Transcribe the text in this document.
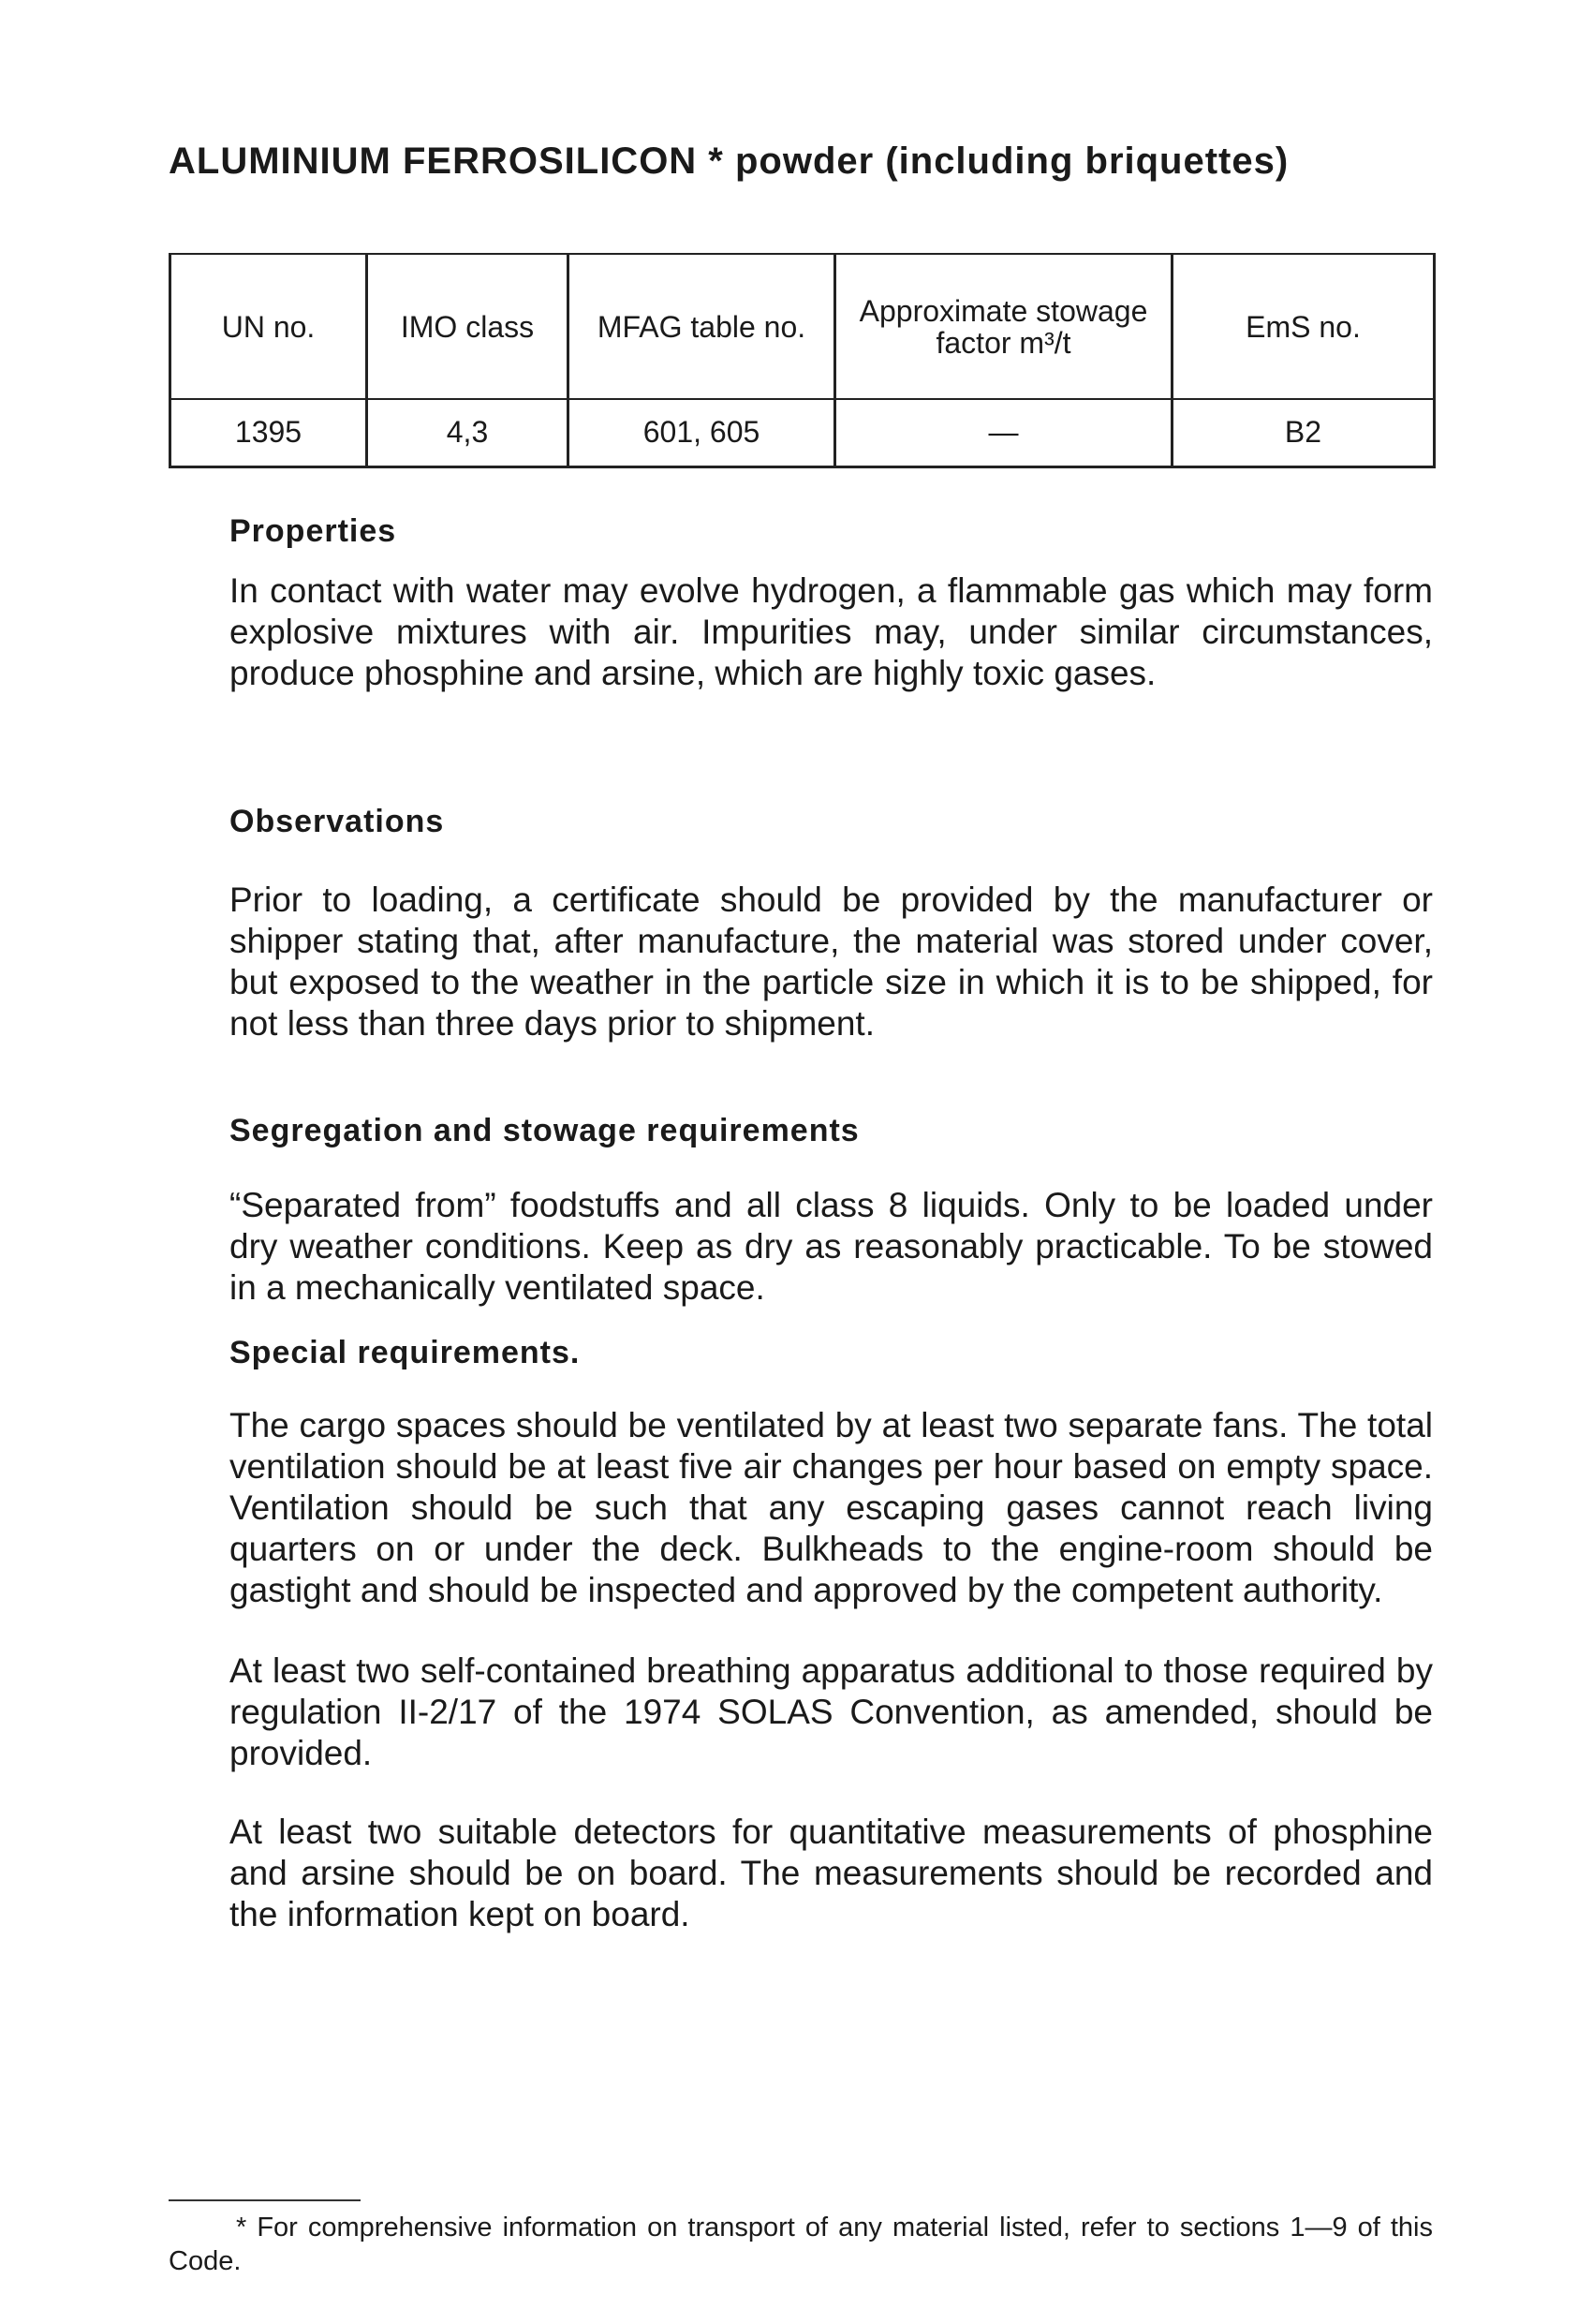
ALUMINIUM FERROSILICON * powder (including briquettes)
UN no.	IMO class	MFAG table no.	Approximate stowage factor m³/t	EmS no.
1395	4,3	601, 605	—	B2
Properties

In contact with water may evolve hydrogen, a flammable gas which may form explosive mixtures with air. Impurities may, under similar circumstances, produce phosphine and arsine, which are highly toxic gases.

Observations

Prior to loading, a certificate should be provided by the manufacturer or shipper stating that, after manufacture, the material was stored under cover, but exposed to the weather in the particle size in which it is to be shipped, for not less than three days prior to shipment.

Segregation and stowage requirements

“Separated from” foodstuffs and all class 8 liquids. Only to be loaded under dry weather conditions. Keep as dry as reasonably practicable. To be stowed in a mechanically ventilated space.

Special requirements.

The cargo spaces should be ventilated by at least two separate fans. The total ventilation should be at least five air changes per hour based on empty space. Ventilation should be such that any escaping gases cannot reach living quarters on or under the deck. Bulkheads to the engine-room should be gastight and should be inspected and approved by the competent authority.

At least two self-contained breathing apparatus additional to those required by regulation II-2/17 of the 1974 SOLAS Convention, as amended, should be provided.

At least two suitable detectors for quantitative measurements of phosphine and arsine should be on board. The measurements should be recorded and the information kept on board.

* For comprehensive information on transport of any material listed, refer to sections 1—9 of this Code.
